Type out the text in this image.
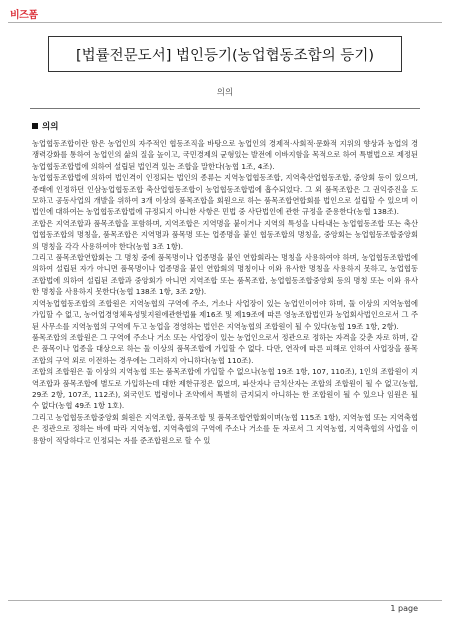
비즈폼
[법률전문도서] 법인등기(농업협동조합의 등기)
의의
의의

농업협동조합이란 함은 농업인의 자주적인 협동조직을 바탕으로 농업인의 경제적·사회적·문화적 지위의 향상과 농업의 경쟁력강화를 통하여 농업인의 삶의 질을 높이고, 국민경제의 균형있는 발전에 이바지함을 목적으로 하여 특별법으로 제정된 농업협동조합법에 의하여 설립된 법인격 있는 조합을 말한다(농협 1조, 4조).

농업협동조합법에 의하여 법인격이 인정되는 법인의 종류는 지역농업협동조합, 지역축산업협동조합, 중앙회 등이 있으며, 종래에 인정하던 인삼농업협동조합 축산업협동조합이 농업협동조합법에 흡수되었다. 그 외 품목조합은 그 권익증진을 도모하고 공동사업의 개발을 위하여 3개 이상의 품목조합을 회원으로 하는 품목조합연합회를 법인으로 설립할 수 있으며 이 법인에 대하여는 농업협동조합법에 규정되지 아니한 사항은 민법 중 사단법인에 관한 규정을 준용한다(농협 138조).

조합은 지역조합과 품목조합을 포함하며, 지역조합은 지역명을 붙이거나 지역의 특성을 나타내는 농업협동조합 또는 축산업협동조합의 명칭을, 품목조합은 지역명과 품목명 또는 업종명을 붙인 협동조합의 명칭을, 중앙회는 농업협동조합중앙회의 명칭을 각각 사용하여야 한다(농협 3조 1항).

그리고 품목조합연합회는 그 명칭 중에 품목명이나 업종명을 붙인 연합회라는 명칭을 사용하여야 하며, 농업협동조합법에 의하여 설립된 자가 아니면 품목명이나 업종명을 붙인 연합회의 명칭이나 이와 유사한 명칭을 사용하지 못하고, 농업협동조합법에 의하여 설립된 조합과 중앙회가 아니면 지역조합 또는 품목조합, 농업협동조합중앙회 등의 명칭 또는 이와 유사한 명칭을 사용하지 못한다(농협 138조 1항, 3조 2항).

지역농업협동조합의 조합원은 지역농협의 구역에 주소, 거소나 사업장이 있는 농업인이어야 하며, 둘 이상의 지역농협에 가입할 수 없고, 농어업경영체육성및지원에관한법률 제16조 및 제19조에 따른 영농조합법인과 농업회사법인으로서 그 주된 사무소를 지역농협의 구역에 두고 농업을 경영하는 법인은 지역농협의 조합원이 될 수 있다(농협 19조 1항, 2항).

품목조합의 조합원은 그 구역에 주소나 거소 또는 사업장이 있는 농업인으로서 정관으로 정하는 자격을 갖춘 자로 하며, 같은 품목이나 업종을 대상으로 하는 둘 이상의 품목조합에 가입할 수 없다. 다만, 연작에 따른 피해로 인하여 사업장을 품목조합의 구역 외로 이전하는 경우에는 그러하지 아니하다(농협 110조).

조합의 조합원은 둘 이상의 지역농협 또는 품목조합에 가입할 수 없으나(농협 19조 1항, 107, 110조), 1인의 조합원이 지역조합과 품목조합에 별도로 가입하는데 대한 제한규정은 없으며, 파산자나 금치산자는 조합의 조합원이 될 수 없고(농협, 29조 2항, 107조, 112조), 외국인도 법령이나 조약에서 특별히 금지되지 아니하는 한 조합원이 될 수 있으나 임원은 될 수 없다(농협 49조 1항 1호).

그리고 농업협동조합중앙회 회원은 지역조합, 품목조합 및 품목조합연합회이며(농협 115조 1항), 지역농협 또는 지역축협은 정관으로 정하는 바에 따라 지역농협, 지역축협의 구역에 주소나 거소를 둔 자로서 그 지역농협, 지역축협의 사업을 이용함이 적당하다고 인정되는 자를 준조합원으로 할 수 있

1 page
